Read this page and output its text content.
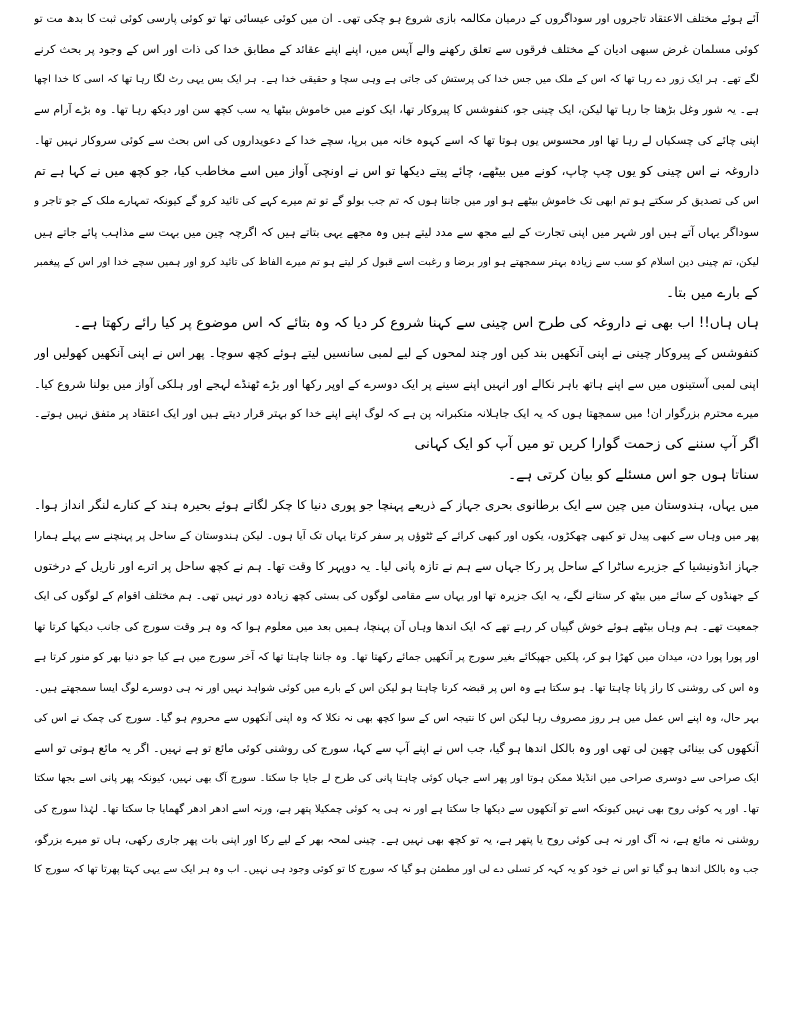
آئے ہوئے مختلف الاعتقاد تاجروں اور سوداگروں کے درمیان مکالمہ بازی شروع ہو چکی تھی۔ ان میں کوئی عیسائی تھا تو کوئی پارسی کوئی ثبت کا بدھ مت تو
کوئی مسلمان غرض سبھی ادیان کے مختلف فرقوں سے تعلق رکھنے والے آپس میں، اپنے اپنے عقائد کے مطابق خدا کی ذات اور اس کے وجود پر بحث کرنے
لگے تھے۔ ہر ایک زور دے رہا تھا کہ اس کے ملک میں جس خدا کی پرستش کی جاتی ہے وہی سچا و حقیقی خدا ہے۔ ہر ایک بس یہی رٹ لگا رہا تھا کہ اسی کا خدا اچھا
ہے۔ یہ شور وغل بڑھتا جا رہا تھا لیکن، ایک چینی جو، کنفوشس کا پیروکار تھا، ایک کونے میں خاموش بیٹھا یہ سب کچھ سن اور دیکھ رہا تھا۔ وہ بڑے آرام سے
اپنی چائے کی چسکیاں لے رہا تھا اور محسوس یوں ہوتا تھا کہ اسے کہوہ خانہ میں برپا، سچے خدا کے دعویداروں کی اس بحث سے کوئی سروکار نہیں تھا۔
داروغہ نے اس چینی کو یوں چپ چاپ، کونے میں بیٹھے، چائے پیتے دیکھا تو اس نے اونچی آواز میں اسے مخاطب کیا، جو کچھ میں نے کہا ہے تم
اس کی تصدیق کر سکتے ہو تم ابھی تک خاموش بیٹھے ہو اور میں جانتا ہوں کہ تم جب بولو گے تو تم میرے کہے کی تائید کرو گے کیونکہ تمہارے ملک کے جو تاجر و
سوداگر یہاں آتے ہیں اور شہر میں اپنی تجارت کے لیے مجھ سے مدد لیتے ہیں وہ مجھے یہی بتاتے ہیں کہ اگرچہ چین میں بہت سے مذاہب پائے جاتے ہیں
لیکن، تم چینی دین اسلام کو سب سے زیادہ بہتر سمجھتے ہو اور برضا و رغبت اسے قبول کر لیتے ہو تم میرے الفاظ کی تائید کرو اور ہمیں سچے خدا اور اس کے پیغمبر
کے بارے میں بتا۔
ہاں ہاں!! اب بھی نے داروغہ کی طرح اس چینی سے کہنا شروع کر دیا کہ وہ بتائے کہ اس موضوع پر کیا رائے رکھتا ہے۔
کنفوشس کے پیروکار چینی نے اپنی آنکھیں بند کیں اور چند لمحوں کے لیے لمبی سانسیں لیتے ہوئے کچھ سوچا۔ پھر اس نے اپنی آنکھیں کھولیں اور
اپنی لمبی آستینوں میں سے اپنے ہاتھ باہر نکالے اور انہیں اپنے سینے پر ایک دوسرے کے اوپر رکھا اور بڑے ٹھنڈے لہجے اور ہلکی آواز میں بولنا شروع کیا۔
میرے محترم بزرگوار ان! میں سمجھتا ہوں کہ یہ ایک جاہلانہ متکبرانہ پن ہے کہ لوگ اپنے اپنے خدا کو بہتر قرار دیتے ہیں اور ایک اعتقاد پر متفق نہیں ہوتے۔
اگر آپ سننے کی زحمت گوارا کریں تو میں آپ کو ایک کہانی
سناتا ہوں جو اس مسئلے کو بیان کرتی ہے۔
میں یہاں، ہندوستان میں چین سے ایک برطانوی بحری جہاز کے ذریعے پہنچا جو پوری دنیا کا چکر لگاتے ہوئے بحیرہ ہند کے کنارے لنگر انداز ہوا۔
پھر میں وہاں سے کبھی پیدل تو کبھی چھکڑوں، یکوں اور کبھی کرائے کے ٹٹوؤں پر سفر کرتا یہاں تک آیا ہوں۔ لیکن ہندوستان کے ساحل پر پہنچنے سے پہلے ہمارا
جہاز انڈونیشیا کے جزیرے ساٹرا کے ساحل پر رکا جہاں سے ہم نے تازہ پانی لیا۔ یہ دوپہر کا وقت تھا۔ ہم نے کچھ ساحل پر اترے اور ناریل کے درختوں
کے جھنڈوں کے سائے میں بیٹھ کر ستانے لگے، یہ ایک جزیرہ تھا اور یہاں سے مقامی لوگوں کی بستی کچھ زیادہ دور نہیں تھی۔ ہم مختلف اقوام کے لوگوں کی ایک
جمعیت تھے۔ ہم وہاں بیٹھے ہوئے خوش گپیاں کر رہے تھے کہ ایک اندھا وہاں آن پہنچا، ہمیں بعد میں معلوم ہوا کہ وہ ہر وقت سورج کی جانب دیکھا کرتا تھا
اور پورا پورا دن، میدان میں کھڑا ہو کر، پلکیں جھپکائے بغیر سورج پر آنکھیں جمائے رکھتا تھا۔ وہ جاننا چاہتا تھا کہ آخر سورج میں ہے کیا جو دنیا بھر کو منور کرتا ہے
وہ اس کی روشنی کا راز پانا چاہتا تھا۔ ہو سکتا ہے وہ اس پر قبضہ کرنا چاہتا ہو لیکن اس کے بارے میں کوئی شواہد نہیں اور نہ ہی دوسرے لوگ ایسا سمجھتے ہیں۔
بہر حال، وہ اپنے اس عمل میں ہر روز مصروف رہا لیکن اس کا نتیجہ اس کے سوا کچھ بھی نہ نکلا کہ وہ اپنی آنکھوں سے محروم ہو گیا۔ سورج کی چمک نے اس کی
آنکھوں کی بینائی چھین لی تھی اور وہ بالکل اندھا ہو گیا، جب اس نے اپنے آپ سے کہا، سورج کی روشنی کوئی مائع تو ہے نہیں۔ اگر یہ مائع ہوتی تو اسے
ایک صراحی سے دوسری صراحی میں انڈیلا ممکن ہوتا اور پھر اسے جہاں کوئی چاہتا پانی کی طرح لے جایا جا سکتا۔ سورج آگ بھی نہیں، کیونکہ پھر پانی اسے بجھا سکتا
تھا۔ اور یہ کوئی روح بھی نہیں کیونکہ اسے تو آنکھوں سے دیکھا جا سکتا ہے اور نہ ہی یہ کوئی چمکیلا پتھر ہے، ورنہ اسے ادھر ادھر گھمایا جا سکتا تھا۔ لہٰذا سورج کی
روشنی نہ مائع ہے، نہ آگ اور نہ ہی کوئی روح یا پتھر ہے، یہ تو کچھ بھی نہیں ہے۔ چینی لمحہ بھر کے لیے رکا اور اپنی بات پھر جاری رکھی، ہاں تو میرے بزرگو،
جب وہ بالکل اندھا ہو گیا تو اس نے خود کو یہ کہہ کر تسلی دے لی اور مطمئن ہو گیا کہ سورج کا تو کوئی وجود ہی نہیں۔ اب وہ ہر ایک سے یہی کہتا پھرتا تھا کہ سورج کا
